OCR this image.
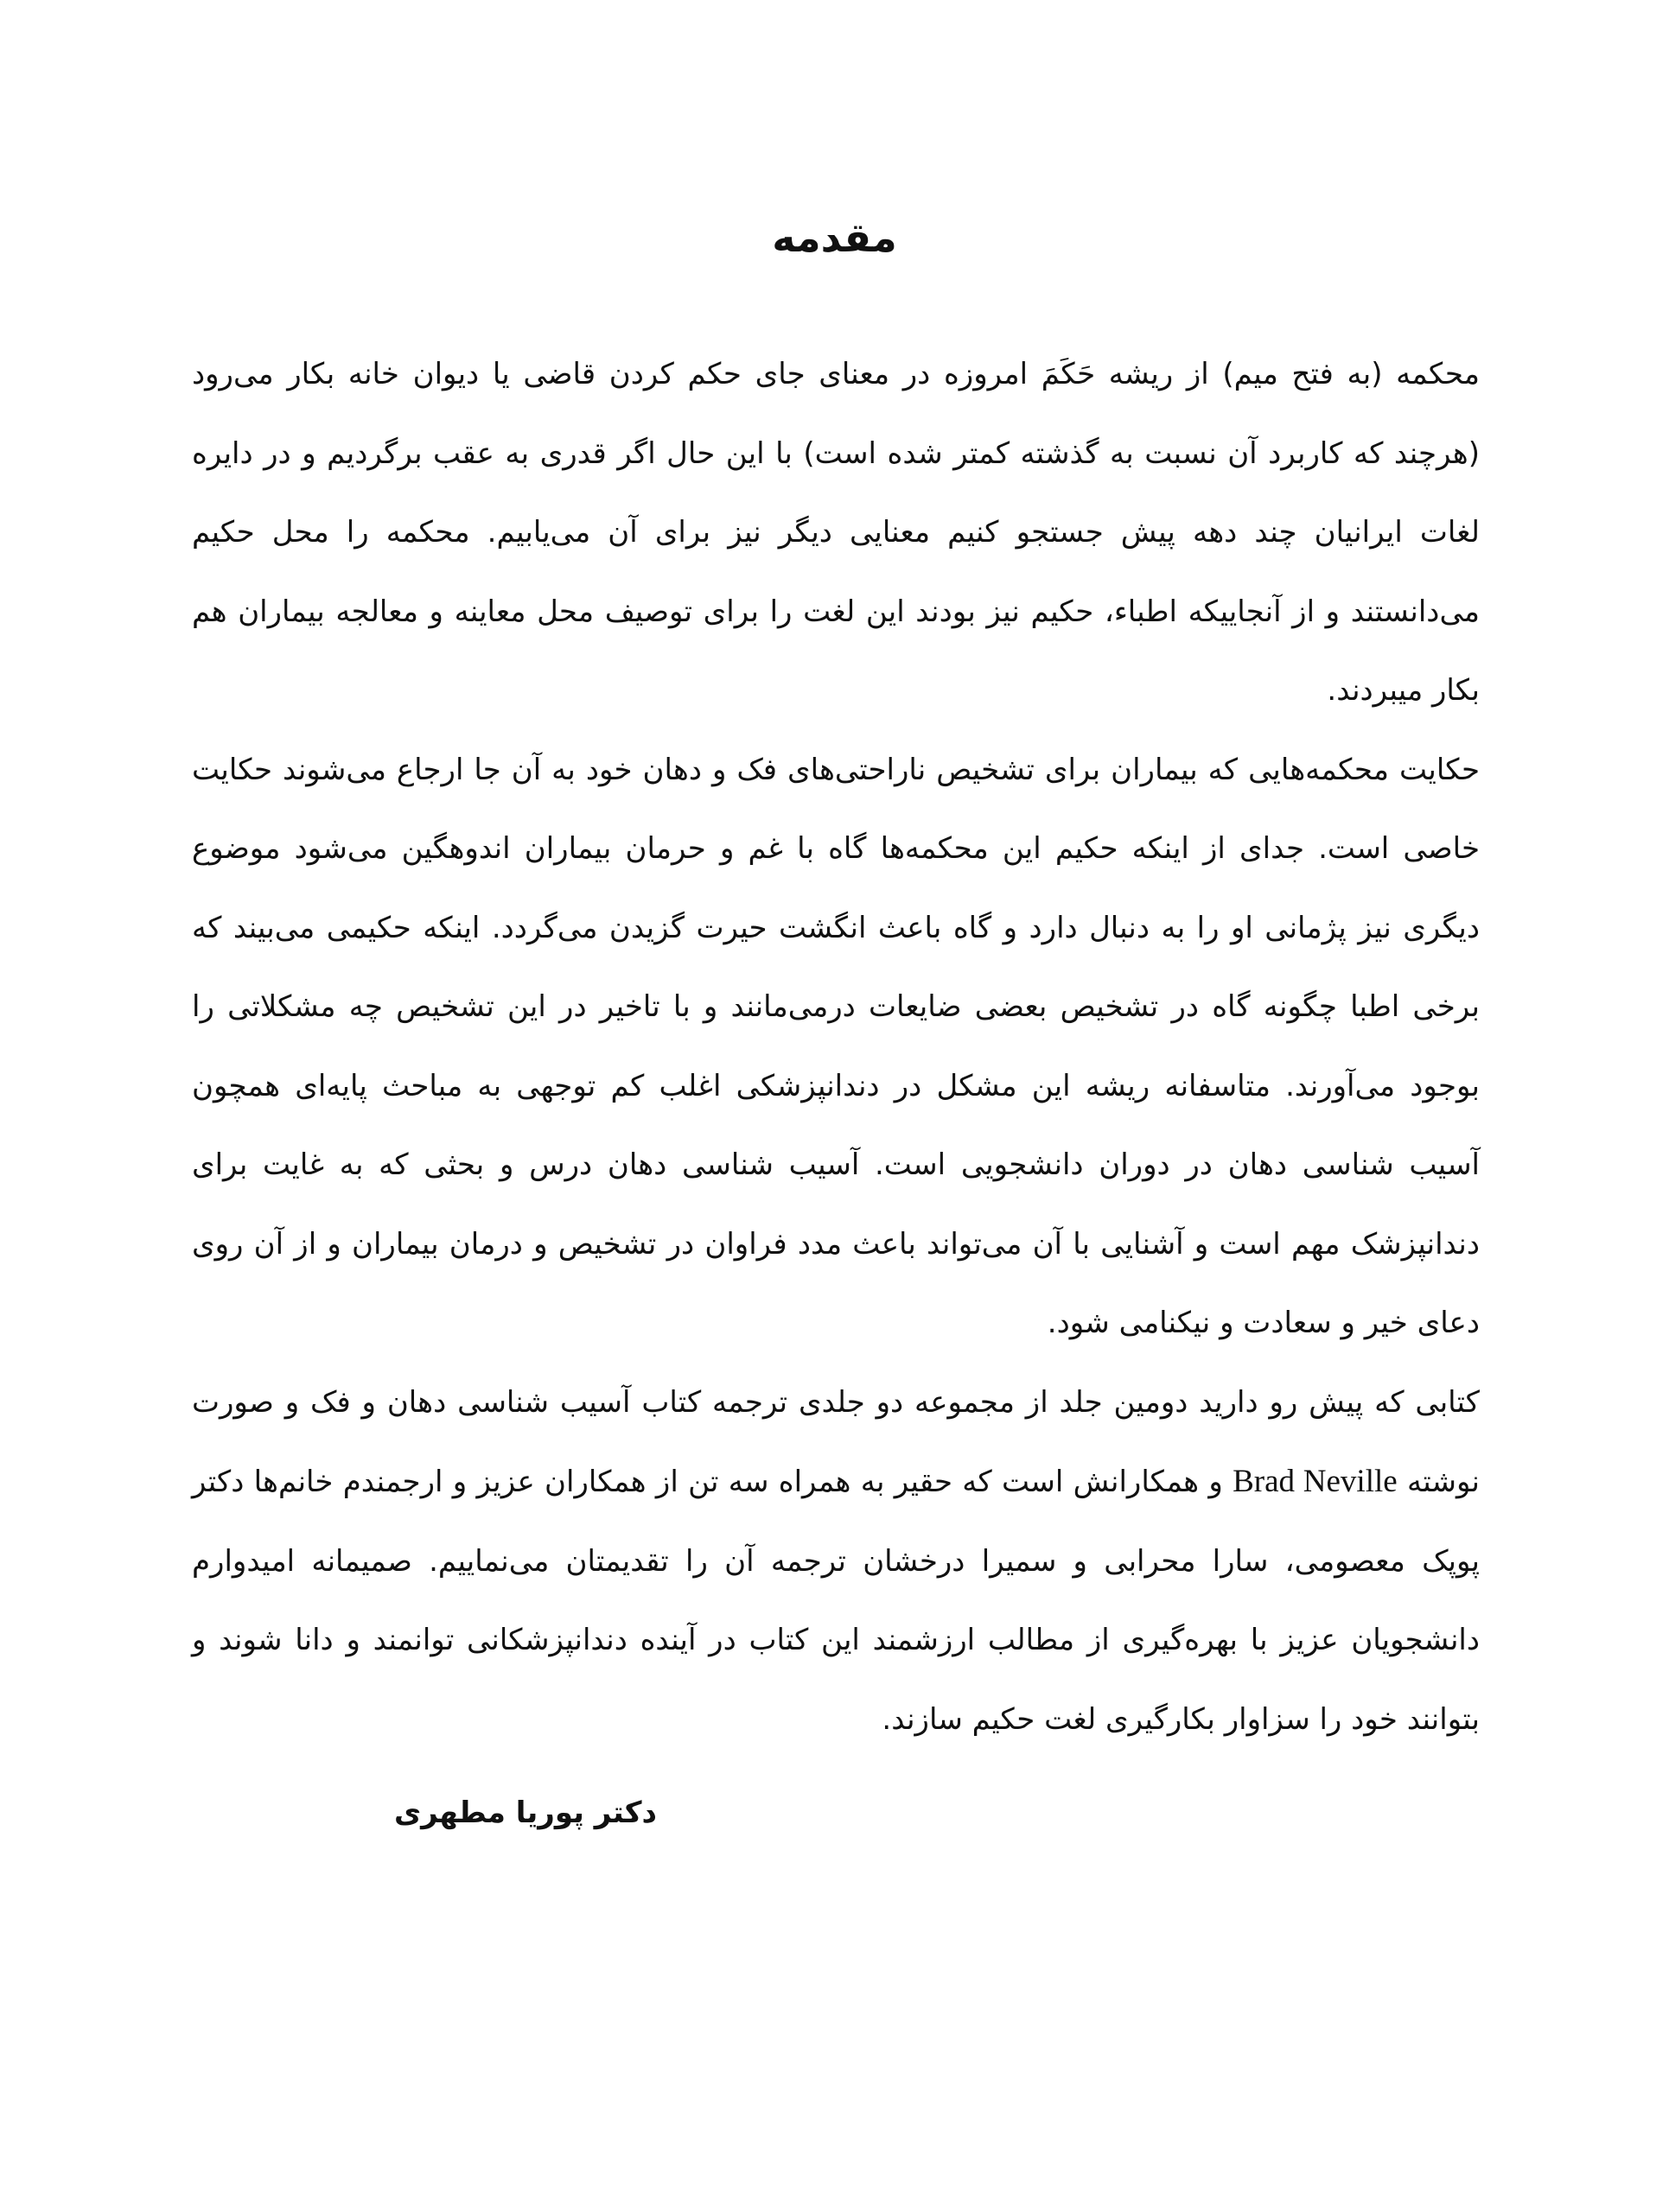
مقدمه

محکمه (به فتح میم) از ریشه حَکَمَ امروزه در معنای جای حکم کردن قاضی یا دیوان خانه بکار می‌رود (هرچند که کاربرد آن نسبت به گذشته کمتر شده است) با این حال اگر قدری به عقب برگردیم و در دایره لغات ایرانیان چند دهه پیش جستجو کنیم معنایی دیگر نیز برای آن می‌یابیم. محکمه را محل حکیم می‌دانستند و از آنجاییکه اطباء، حکیم نیز بودند این لغت را برای توصیف محل معاینه و معالجه بیماران هم بکار میبردند.

حکایت محکمه‌هایی که بیماران برای تشخیص ناراحتی‌های فک و دهان خود به آن جا ارجاع می‌شوند حکایت خاصی است. جدای از اینکه حکیم این محکمه‌ها گاه با غم و حرمان بیماران اندوهگین می‌شود موضوع دیگری نیز پژمانی او را به دنبال دارد و گاه باعث انگشت حیرت گزیدن می‌گردد. اینکه حکیمی می‌بیند که برخی اطبا چگونه گاه در تشخیص بعضی ضایعات درمی‌مانند و با تاخیر در این تشخیص چه مشکلاتی را بوجود می‌آورند. متاسفانه ریشه این مشکل در دندانپزشکی اغلب کم توجهی به مباحث پایه‌ای همچون آسیب شناسی دهان در دوران دانشجویی است. آسیب شناسی دهان درس و بحثی که به غایت برای دندانپزشک مهم است و آشنایی با آن می‌تواند باعث مدد فراوان در تشخیص و درمان بیماران و از آن روی دعای خیر و سعادت و نیکنامی شود.

کتابی که پیش رو دارید دومین جلد از مجموعه دو جلدی ترجمه کتاب آسیب شناسی دهان و فک و صورت نوشته Brad Neville و همکارانش است که حقیر به همراه سه تن از همکاران عزیز و ارجمندم خانم‌ها دکتر پوپک معصومی، سارا محرابی و سمیرا درخشان ترجمه آن را تقدیمتان می‌نماییم. صمیمانه امیدوارم دانشجویان عزیز با بهره‌گیری از مطالب ارزشمند این کتاب در آینده دندانپزشکانی توانمند و دانا شوند و بتوانند خود را سزاوار بکارگیری لغت حکیم سازند.

دکتر پوریا مطهری
